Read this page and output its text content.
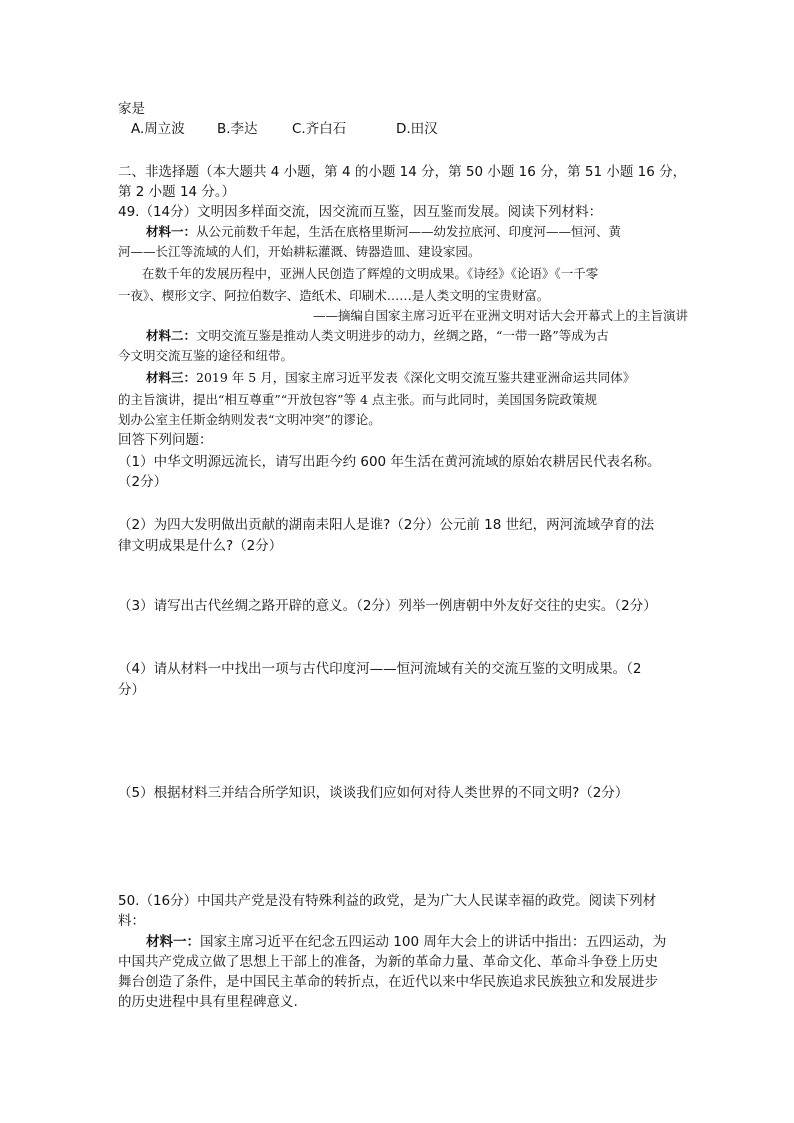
家是
A.周立波 B.李达	C.齐白石	D.田汉
二、非选择题（本大题共 4 小题，第 4 的小题 14 分，第 50 小题 16 分，第 51 小题 16 分，
第 2 小题 14 分。）
49.（14分）文明因多样面交流，因交流而互鉴，因互鉴而发展。阅读下列材料：
材料一：从公元前数千年起，生活在底格里斯河——幼发拉底河、印度河——恒河、黄
河——长江等流域的人们，开始耕耘灌溉、铸器造皿、建设家园。
在数千年的发展历程中，亚洲人民创造了辉煌的文明成果。《诗经》《论语》《一千零
一夜》、楔形文字、阿拉伯数字、造纸术、印刷术……是人类文明的宝贵财富。
——摘编自国家主席习近平在亚洲文明对话大会开幕式上的主旨演讲
材料二：文明交流互鉴是推动人类文明进步的动力，丝绸之路，“一带一路”等成为古
今文明交流互鉴的途径和纽带。
材料三：2019 年 5 月，国家主席习近平发表《深化文明交流互鉴共建亚洲命运共同体》
的主旨演讲，提出“相互尊重”“开放包容”等 4 点主张。而与此同时，美国国务院政策规
划办公室主任斯金纳则发表“文明冲突”的谬论。
回答下列问题：
（1）中华文明源远流长，请写出距今约 600 年生活在黄河流域的原始农耕居民代表名称。
（2分）
（2）为四大发明做出贡献的湖南耒阳人是谁?（2分）公元前 18 世纪，两河流域孕育的法
律文明成果是什么?（2分）
（3）请写出古代丝绸之路开辟的意义。（2分）列举一例唐朝中外友好交往的史实。（2分）
（4）请从材料一中找出一项与古代印度河——恒河流域有关的交流互鉴的文明成果。（2
分）
（5）根据材料三并结合所学知识，谈谈我们应如何对待人类世界的不同文明?（2分）
50.（16分）中国共产党是没有特殊利益的政党，是为广大人民谋幸福的政党。阅读下列材
料：
材料一：国家主席习近平在纪念五四运动 100 周年大会上的讲话中指出：五四运动，为
中国共产党成立做了思想上干部上的准备，为新的革命力量、革命文化、革命斗争登上历史
舞台创造了条件，是中国民主革命的转折点，在近代以来中华民族追求民族独立和发展进步
的历史进程中具有里程碑意义.
